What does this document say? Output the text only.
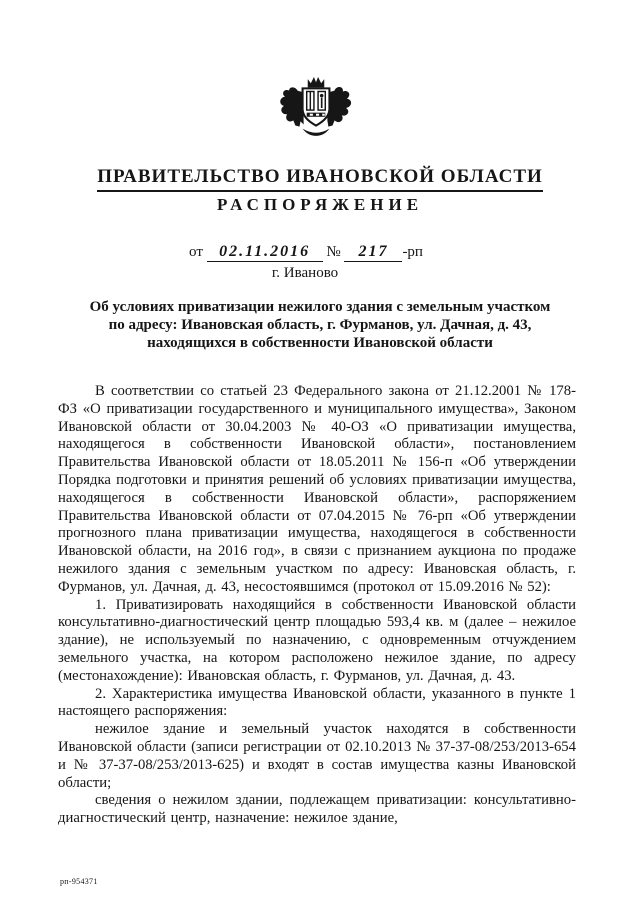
ПРАВИТЕЛЬСТВО ИВАНОВСКОЙ ОБЛАСТИ
РАСПОРЯЖЕНИЕ
от 02.11.2016 № 217 -рп
г. Иваново
Об условиях приватизации нежилого здания с земельным участком
по адресу: Ивановская область, г. Фурманов, ул. Дачная, д. 43,
находящихся в собственности Ивановской области

В соответствии со статьей 23 Федерального закона от 21.12.2001 № 178-ФЗ «О приватизации государственного и муниципального имущества», Законом Ивановской области от 30.04.2003 № 40-ОЗ «О приватизации имущества, находящегося в собственности Ивановской области», постановлением Правительства Ивановской области от 18.05.2011 № 156-п «Об утверждении Порядка подготовки и принятия решений об условиях приватизации имущества, находящегося в собственности Ивановской области», распоряжением Правительства Ивановской области от 07.04.2015 № 76-рп «Об утверждении прогнозного плана приватизации имущества, находящегося в собственности Ивановской области, на 2016 год», в связи с признанием аукциона по продаже нежилого здания с земельным участком по адресу: Ивановская область, г. Фурманов, ул. Дачная, д. 43, несостоявшимся (протокол от 15.09.2016 № 52):

1. Приватизировать находящийся в собственности Ивановской области консультативно-диагностический центр площадью 593,4 кв. м (далее – нежилое здание), не используемый по назначению, с одновременным отчуждением земельного участка, на котором расположено нежилое здание, по адресу (местонахождение): Ивановская область, г. Фурманов, ул. Дачная, д. 43.

2. Характеристика имущества Ивановской области, указанного в пункте 1 настоящего распоряжения:

нежилое здание и земельный участок находятся в собственности Ивановской области (записи регистрации от 02.10.2013 № 37-37-08/253/2013-654 и № 37-37-08/253/2013-625) и входят в состав имущества казны Ивановской области;

сведения о нежилом здании, подлежащем приватизации: консультативно-диагностический центр, назначение: нежилое здание,

рп-954371
